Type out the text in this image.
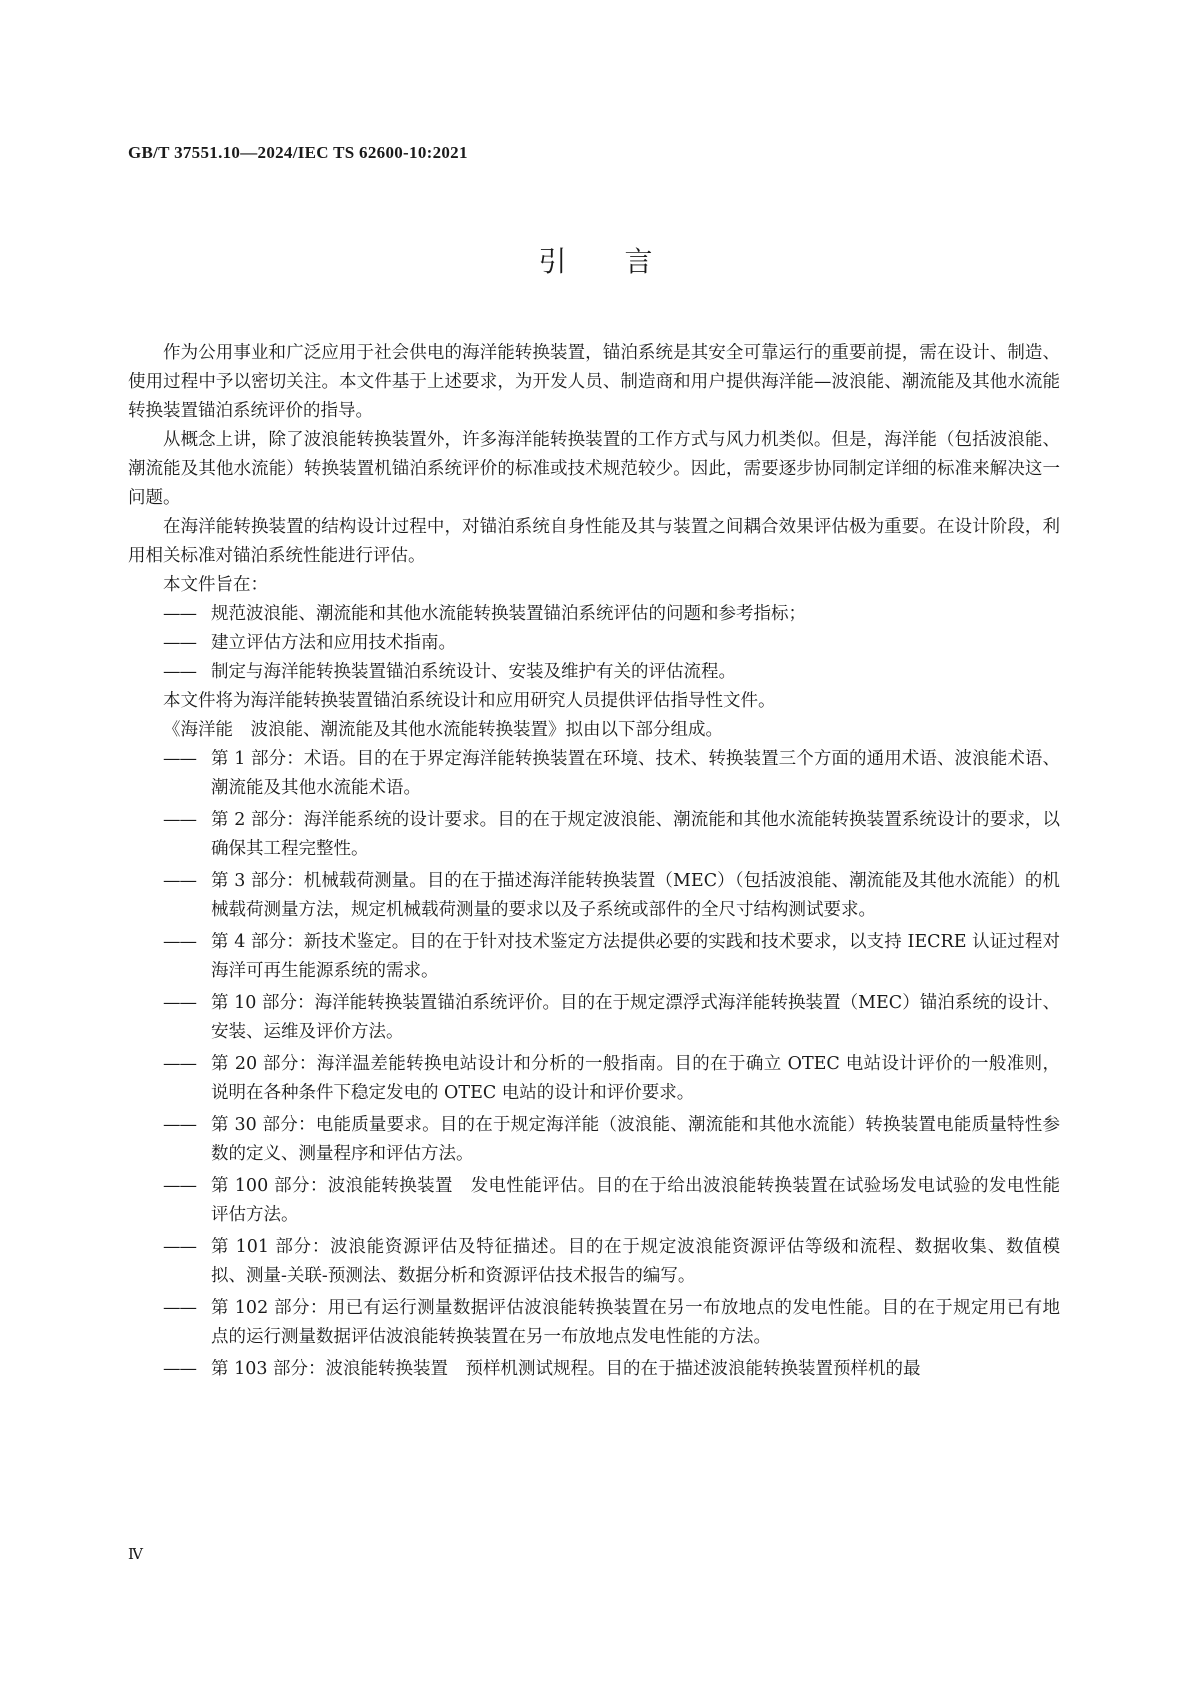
GB/T 37551.10—2024/IEC TS 62600-10:2021
引言

作为公用事业和广泛应用于社会供电的海洋能转换装置，锚泊系统是其安全可靠运行的重要前提，需在设计、制造、使用过程中予以密切关注。本文件基于上述要求，为开发人员、制造商和用户提供海洋能—波浪能、潮流能及其他水流能转换装置锚泊系统评价的指导。

从概念上讲，除了波浪能转换装置外，许多海洋能转换装置的工作方式与风力机类似。但是，海洋能（包括波浪能、潮流能及其他水流能）转换装置机锚泊系统评价的标准或技术规范较少。因此，需要逐步协同制定详细的标准来解决这一问题。

在海洋能转换装置的结构设计过程中，对锚泊系统自身性能及其与装置之间耦合效果评估极为重要。在设计阶段，利用相关标准对锚泊系统性能进行评估。

本文件旨在：

—— 规范波浪能、潮流能和其他水流能转换装置锚泊系统评估的问题和参考指标；
—— 建立评估方法和应用技术指南。
—— 制定与海洋能转换装置锚泊系统设计、安装及维护有关的评估流程。

本文件将为海洋能转换装置锚泊系统设计和应用研究人员提供评估指导性文件。

《海洋能　波浪能、潮流能及其他水流能转换装置》拟由以下部分组成。

—— 第 1 部分：术语。目的在于界定海洋能转换装置在环境、技术、转换装置三个方面的通用术语、波浪能术语、潮流能及其他水流能术语。
—— 第 2 部分：海洋能系统的设计要求。目的在于规定波浪能、潮流能和其他水流能转换装置系统设计的要求，以确保其工程完整性。
—— 第 3 部分：机械载荷测量。目的在于描述海洋能转换装置（MEC）（包括波浪能、潮流能及其他水流能）的机械载荷测量方法，规定机械载荷测量的要求以及子系统或部件的全尺寸结构测试要求。
—— 第 4 部分：新技术鉴定。目的在于针对技术鉴定方法提供必要的实践和技术要求，以支持 IECRE 认证过程对海洋可再生能源系统的需求。
—— 第 10 部分：海洋能转换装置锚泊系统评价。目的在于规定漂浮式海洋能转换装置（MEC）锚泊系统的设计、安装、运维及评价方法。
—— 第 20 部分：海洋温差能转换电站设计和分析的一般指南。目的在于确立 OTEC 电站设计评价的一般准则，说明在各种条件下稳定发电的 OTEC 电站的设计和评价要求。
—— 第 30 部分：电能质量要求。目的在于规定海洋能（波浪能、潮流能和其他水流能）转换装置电能质量特性参数的定义、测量程序和评估方法。
—— 第 100 部分：波浪能转换装置　发电性能评估。目的在于给出波浪能转换装置在试验场发电试验的发电性能评估方法。
—— 第 101 部分：波浪能资源评估及特征描述。目的在于规定波浪能资源评估等级和流程、数据收集、数值模拟、测量-关联-预测法、数据分析和资源评估技术报告的编写。
—— 第 102 部分：用已有运行测量数据评估波浪能转换装置在另一布放地点的发电性能。目的在于规定用已有地点的运行测量数据评估波浪能转换装置在另一布放地点发电性能的方法。
—— 第 103 部分：波浪能转换装置　预样机测试规程。目的在于描述波浪能转换装置预样机的最
Ⅳ
